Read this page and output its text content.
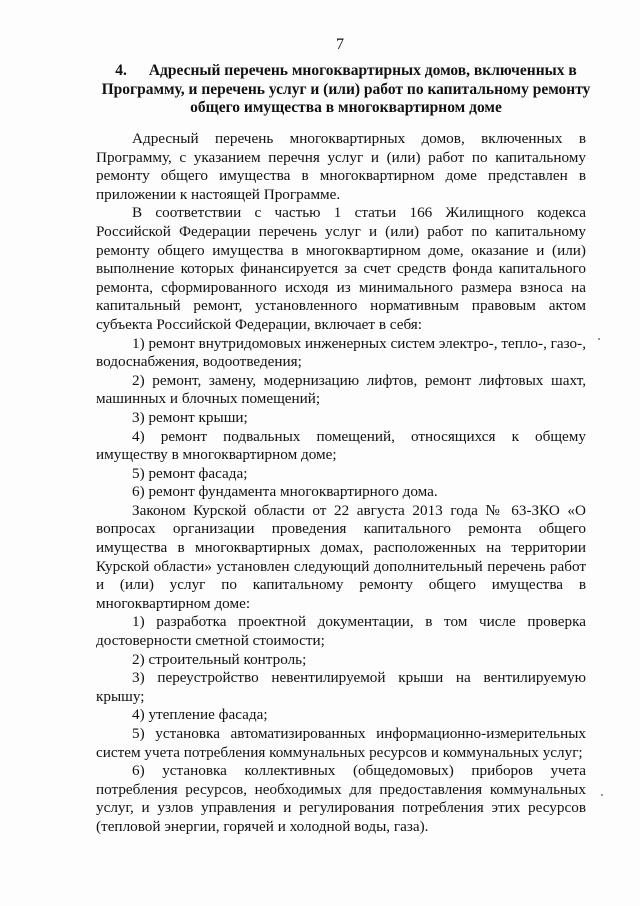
7
4. Адресный перечень многоквартирных домов, включенных в Программу, и перечень услуг и (или) работ по капитальному ремонту общего имущества в многоквартирном доме

Адресный перечень многоквартирных домов, включенных в Программу, с указанием перечня услуг и (или) работ по капитальному ремонту общего имущества в многоквартирном доме представлен в приложении к настоящей Программе.

В соответствии с частью 1 статьи 166 Жилищного кодекса Российской Федерации перечень услуг и (или) работ по капитальному ремонту общего имущества в многоквартирном доме, оказание и (или) выполнение которых финансируется за счет средств фонда капитального ремонта, сформированного исходя из минимального размера взноса на капитальный ремонт, установленного нормативным правовым актом субъекта Российской Федерации, включает в себя:

1) ремонт внутридомовых инженерных систем электро-, тепло-, газо-, водоснабжения, водоотведения;

2) ремонт, замену, модернизацию лифтов, ремонт лифтовых шахт, машинных и блочных помещений;

3) ремонт крыши;

4) ремонт подвальных помещений, относящихся к общему имуществу в многоквартирном доме;

5) ремонт фасада;

6) ремонт фундамента многоквартирного дома.

Законом Курской области от 22 августа 2013 года № 63-ЗКО «О вопросах организации проведения капитального ремонта общего имущества в многоквартирных домах, расположенных на территории Курской области» установлен следующий дополнительный перечень работ и (или) услуг по капитальному ремонту общего имущества в многоквартирном доме:

1) разработка проектной документации, в том числе проверка достоверности сметной стоимости;

2) строительный контроль;

3) переустройство невентилируемой крыши на вентилируемую крышу;

4) утепление фасада;

5) установка автоматизированных информационно-измерительных систем учета потребления коммунальных ресурсов и коммунальных услуг;

6) установка коллективных (общедомовых) приборов учета потребления ресурсов, необходимых для предоставления коммунальных услуг, и узлов управления и регулирования потребления этих ресурсов (тепловой энергии, горячей и холодной воды, газа).
